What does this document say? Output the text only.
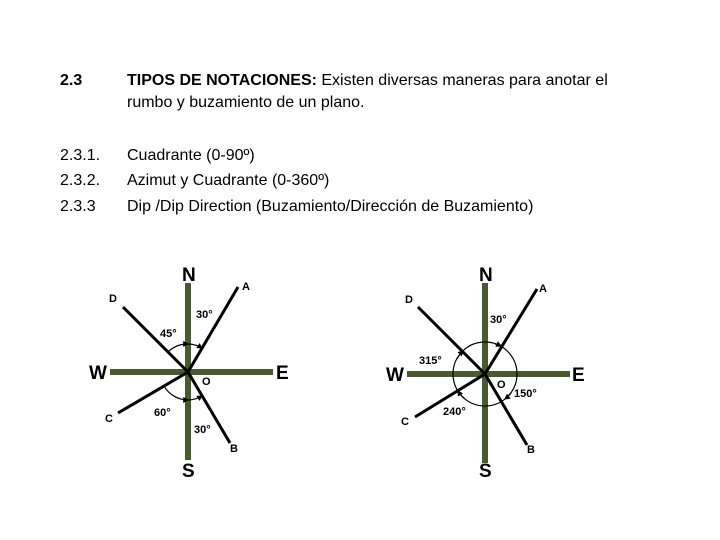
2.3	TIPOS DE NOTACIONES: Existen diversas maneras para anotar el
rumbo y buzamiento de un plano.
2.3.1. Cuadrante (0-90º)
2.3.2. Azimut y Cuadrante (0-360º)
2.3.3 Dip /Dip Direction (Buzamiento/Dirección de Buzamiento)
N
S
E
W	O
A
B
C
D
30°
45°
60°
30°
N
S
E
W	O
A
B
C
D
30°
315°
240°
150°
